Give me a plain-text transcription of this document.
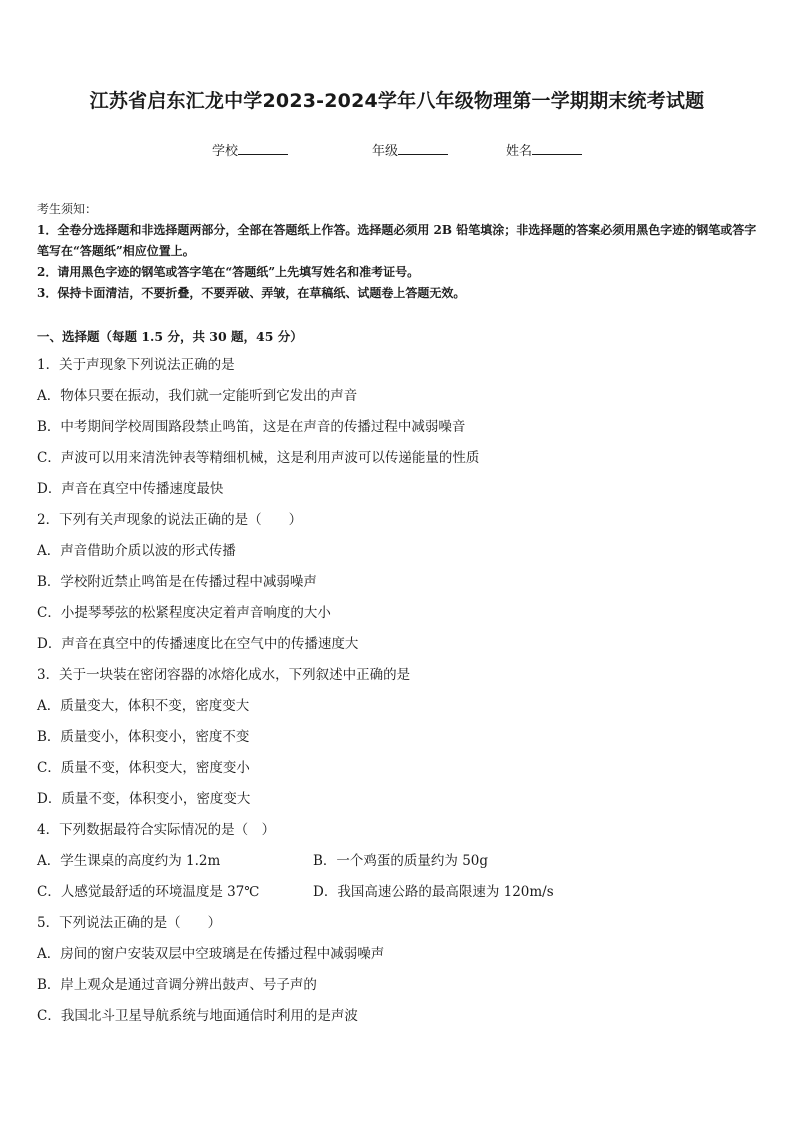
江苏省启东汇龙中学2023-2024学年八年级物理第一学期期末统考试题
学校	年级	姓名
考生须知：
1．全卷分选择题和非选择题两部分，全部在答题纸上作答。选择题必须用 2B 铅笔填涂；非选择题的答案必须用黑色字迹的钢笔或答字笔写在“答题纸”相应位置上。
2．请用黑色字迹的钢笔或答字笔在“答题纸”上先填写姓名和准考证号。
3．保持卡面清洁，不要折叠，不要弄破、弄皱，在草稿纸、试题卷上答题无效。
一、选择题（每题 1.5 分，共 30 题，45 分）
1．关于声现象下列说法正确的是
A．物体只要在振动，我们就一定能听到它发出的声音
B．中考期间学校周围路段禁止鸣笛，这是在声音的传播过程中减弱噪音
C．声波可以用来清洗钟表等精细机械，这是利用声波可以传递能量的性质
D．声音在真空中传播速度最快
2．下列有关声现象的说法正确的是（　　）
A．声音借助介质以波的形式传播
B．学校附近禁止鸣笛是在传播过程中减弱噪声
C．小提琴琴弦的松紧程度决定着声音响度的大小
D．声音在真空中的传播速度比在空气中的传播速度大
3．关于一块装在密闭容器的冰熔化成水，下列叙述中正确的是
A．质量变大，体积不变，密度变大
B．质量变小，体积变小，密度不变
C．质量不变，体积变大，密度变小
D．质量不变，体积变小，密度变大
4．下列数据最符合实际情况的是（　）
A．学生课桌的高度约为 1.2m	B．一个鸡蛋的质量约为 50g
C．人感觉最舒适的环境温度是 37℃	D．我国高速公路的最高限速为 120m/s
5．下列说法正确的是（　　）
A．房间的窗户安装双层中空玻璃是在传播过程中减弱噪声
B．岸上观众是通过音调分辨出鼓声、号子声的
C．我国北斗卫星导航系统与地面通信时利用的是声波
